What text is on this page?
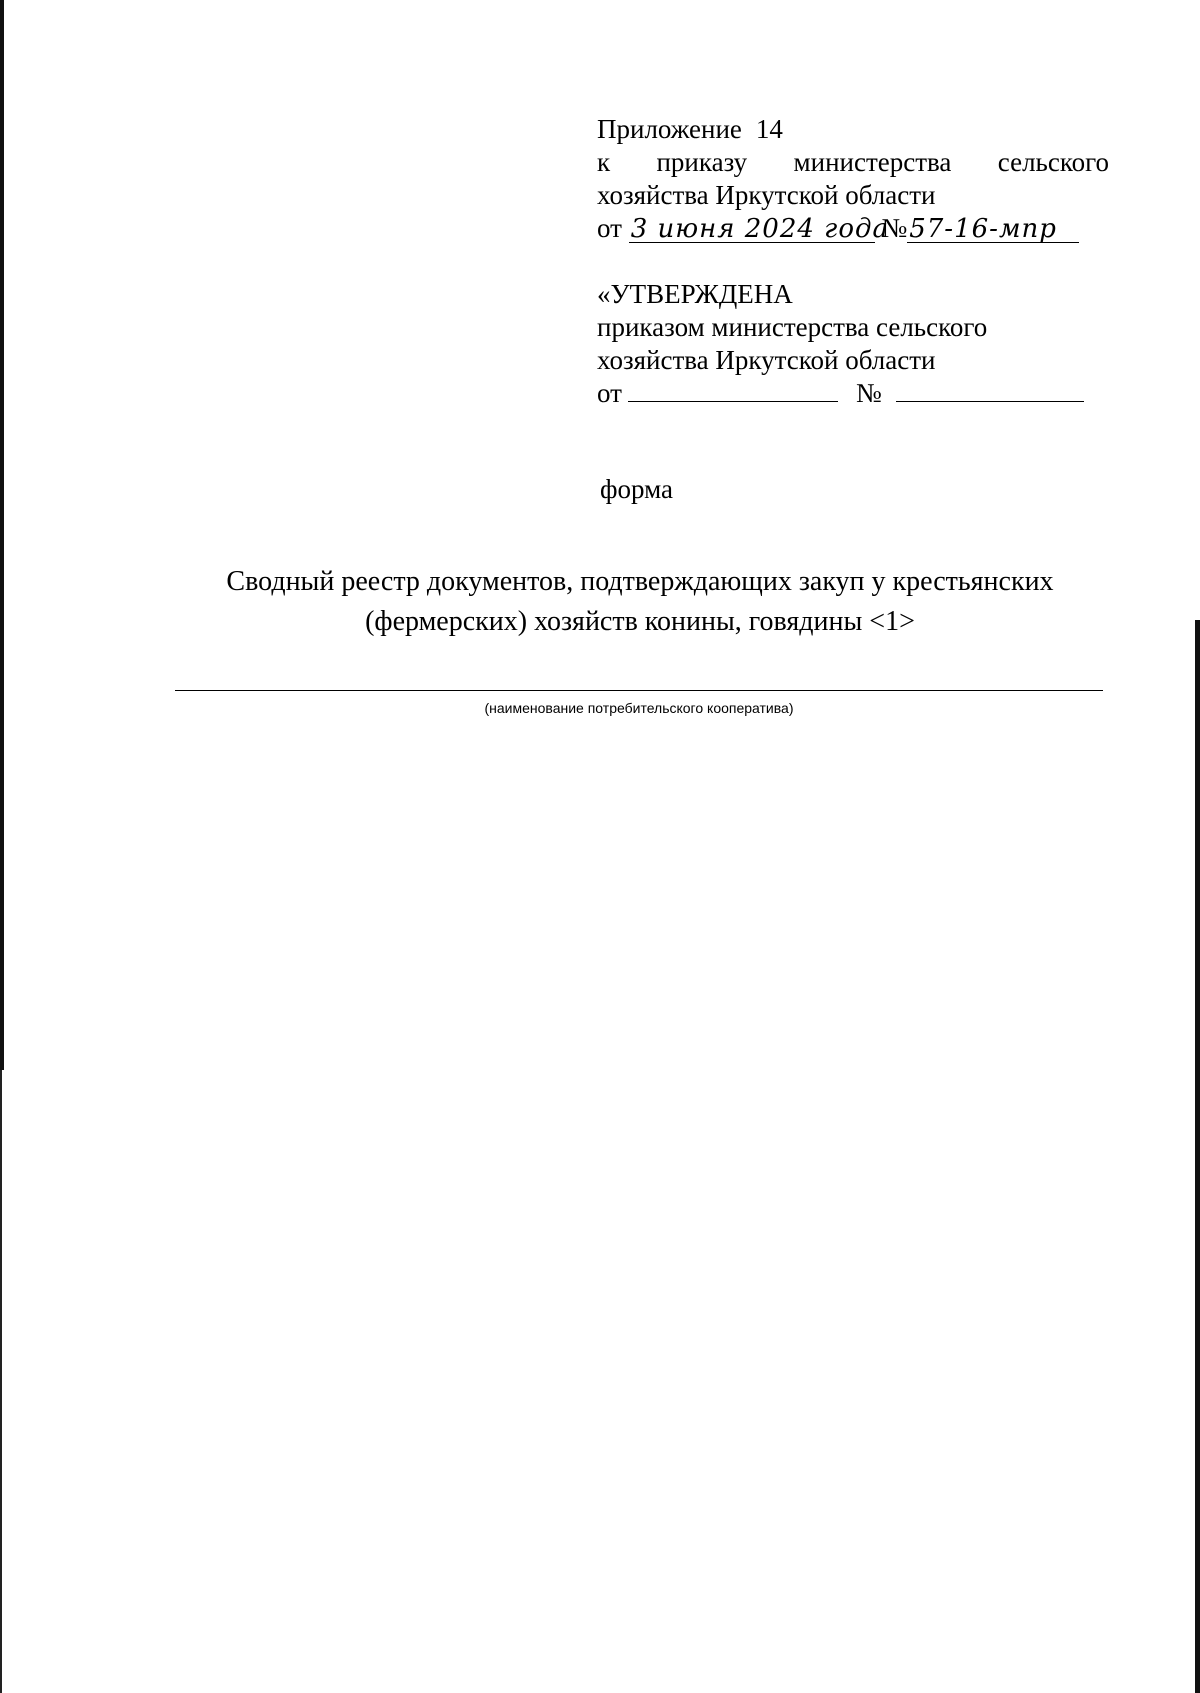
Приложение 14
к приказу министерства сельского
хозяйства Иркутской области
от 3 июня 2024 года №57-16-мпр
«УТВЕРЖДЕНА
приказом министерства сельского
хозяйства Иркутской области
от	№
форма
Сводный реестр документов, подтверждающих закуп у крестьянских
(фермерских) хозяйств конины, говядины <1>
(наименование потребительского кооператива)
